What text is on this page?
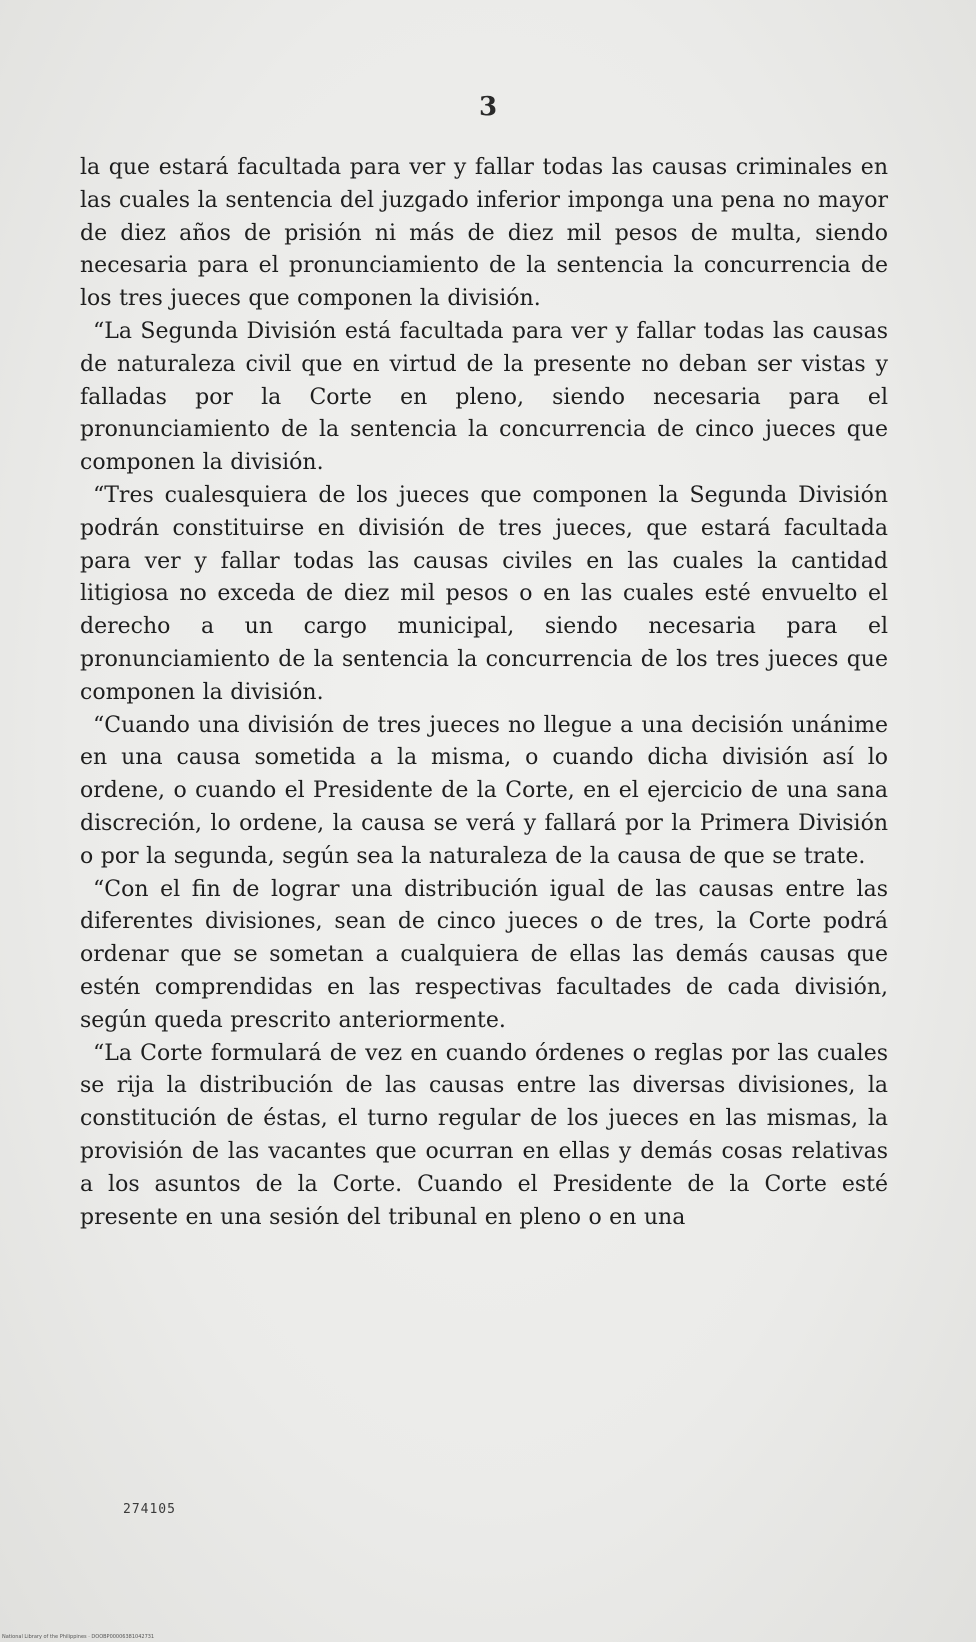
3

la que estará facultada para ver y fallar todas las causas criminales en las cuales la sentencia del juzgado inferior imponga una pena no mayor de diez años de prisión ni más de diez mil pesos de multa, siendo necesaria para el pronunciamiento de la sentencia la concurrencia de los tres jueces que componen la división.

“La Segunda División está facultada para ver y fallar todas las causas de naturaleza civil que en virtud de la presente no deban ser vistas y falladas por la Corte en pleno, siendo necesaria para el pronunciamiento de la sentencia la concurrencia de cinco jueces que componen la división.

“Tres cualesquiera de los jueces que componen la Segunda División podrán constituirse en división de tres jueces, que estará facultada para ver y fallar todas las causas civiles en las cuales la cantidad litigiosa no exceda de diez mil pesos o en las cuales esté envuelto el derecho a un cargo municipal, siendo necesaria para el pronunciamiento de la sentencia la concurrencia de los tres jueces que componen la división.

“Cuando una división de tres jueces no llegue a una decisión unánime en una causa sometida a la misma, o cuando dicha división así lo ordene, o cuando el Presidente de la Corte, en el ejercicio de una sana discreción, lo ordene, la causa se verá y fallará por la Primera División o por la segunda, según sea la naturaleza de la causa de que se trate.

“Con el fin de lograr una distribución igual de las causas entre las diferentes divisiones, sean de cinco jueces o de tres, la Corte podrá ordenar que se sometan a cualquiera de ellas las demás causas que estén comprendidas en las respectivas facultades de cada división, según queda prescrito anteriormente.

“La Corte formulará de vez en cuando órdenes o reglas por las cuales se rija la distribución de las causas entre las diversas divisiones, la constitución de éstas, el turno regular de los jueces en las mismas, la provisión de las vacantes que ocurran en ellas y demás cosas relativas a los asuntos de la Corte. Cuando el Presidente de la Corte esté presente en una sesión del tribunal en pleno o en una

274105
National Library of the Philippines · DOOBP00006381042731
